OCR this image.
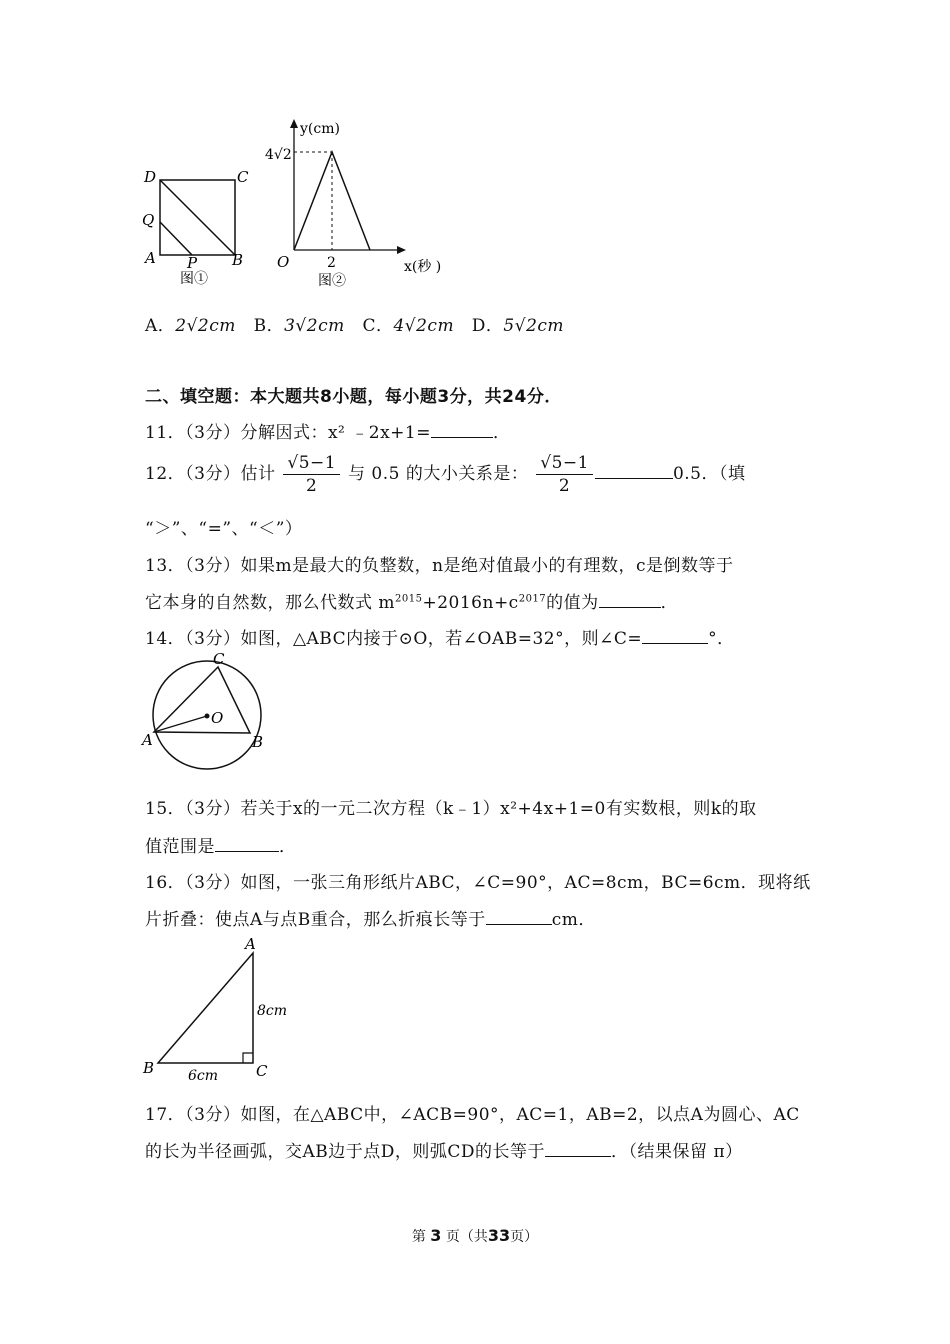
D	C
Q
A P B
图①
y(cm)
4√2
O	2	x(秒 )
图②
A．2√2cm B．3√2cm C．4√2cm D．5√2cm
二、填空题：本大题共8小题，每小题3分，共24分．
11．（3分）分解因式：x² ﹣2x+1=	．
12．（3分）估计 $\frac{√5-1}{2}$ 与 0.5 的大小关系是： $\frac{√5-1}{2}$	0.5．（填
“＞”、“=”、“＜”）
13．（3分）如果m是最大的负整数，n是绝对值最小的有理数，c是倒数等于
它本身的自然数，那么代数式 $m^{2015}+2016n+c^{2017}$的值为	．
14．（3分）如图，△ABC内接于⊙O，若∠OAB=32°，则∠C=	°．
C
O
A	B
15．（3分）若关于x的一元二次方程（k﹣1）x²+4x+1=0有实数根，则k的取
值范围是	．
16．（3分）如图，一张三角形纸片ABC，∠C=90°，AC=8cm，BC=6cm．现将纸
片折叠：使点A与点B重合，那么折痕长等于	cm．
A
B	C
8cm
6cm
17．（3分）如图，在△ABC中，∠ACB=90°，AC=1，AB=2，以点A为圆心、AC
的长为半径画弧，交AB边于点D，则弧CD的长等于	．（结果保留 π）
第 3 页（共33页）
